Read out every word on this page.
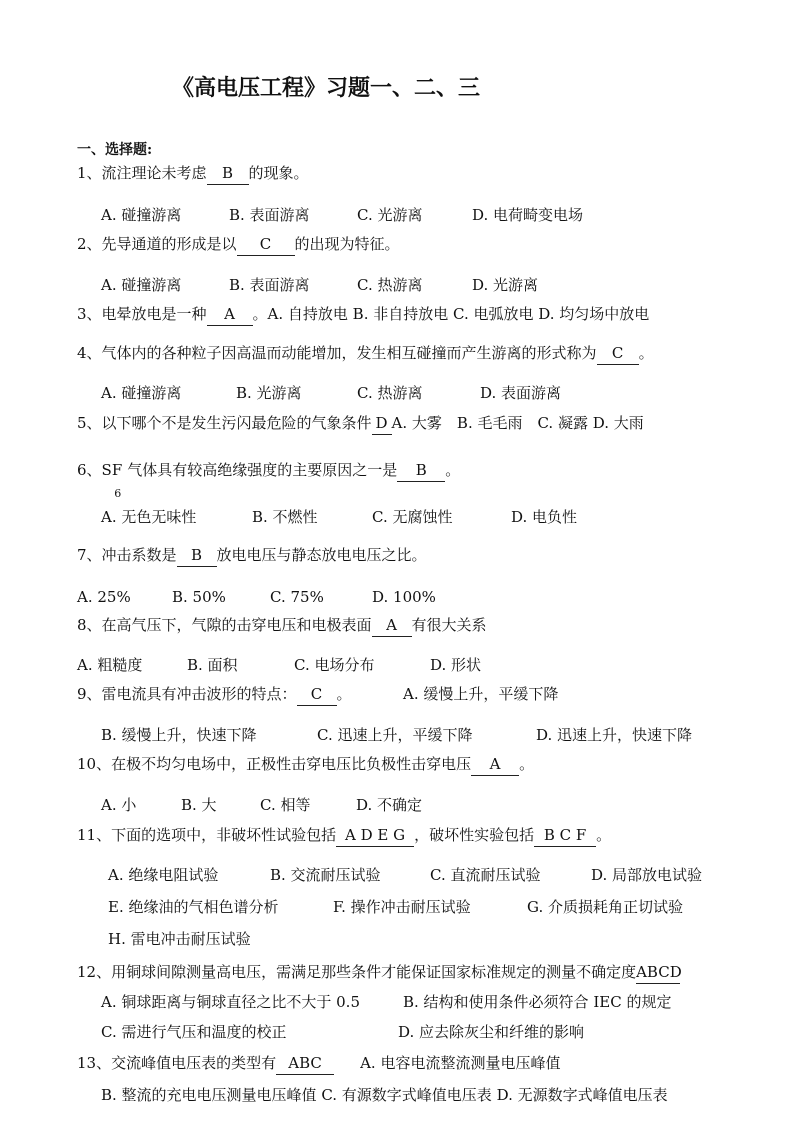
《高电压工程》习题一、二、三
一、选择题:
1、流注理论未考虑 B 的现象。
A. 碰撞游离	B. 表面游离	C. 光游离	D. 电荷畸变电场
2、先导通道的形成是以 C 的出现为特征。
A. 碰撞游离	B. 表面游离	C. 热游离	D. 光游离
3、电晕放电是一种 A 。A. 自持放电 B. 非自持放电 C. 电弧放电 D. 均匀场中放电
4、气体内的各种粒子因高温而动能增加，发生相互碰撞而产生游离的形式称为 C 。
A. 碰撞游离	B. 光游离	C. 热游离	D. 表面游离
5、以下哪个不是发生污闪最危险的气象条件 D A. 大雾　B. 毛毛雨　C. 凝露 D. 大雨
6、$SF_6$气体具有较高绝缘强度的主要原因之一是 B 。
A. 无色无味性	B. 不燃性	C. 无腐蚀性	D. 电负性
7、冲击系数是 B 放电电压与静态放电电压之比。
A. 25%	B. 50%	C. 75%	D. 100%
8、在高气压下，气隙的击穿电压和电极表面 A 有很大关系
A. 粗糙度	B. 面积	C. 电场分布	D. 形状
9、雷电流具有冲击波形的特点： C 。	A. 缓慢上升，平缓下降
B. 缓慢上升，快速下降	C. 迅速上升，平缓下降	D. 迅速上升，快速下降
10、在极不均匀电场中，正极性击穿电压比负极性击穿电压 A 。
A. 小	B. 大	C. 相等	D. 不确定
11、下面的选项中，非破坏性试验包括 A D E G ，破坏性实验包括 B C F 。
A. 绝缘电阻试验	B. 交流耐压试验	C. 直流耐压试验	D. 局部放电试验
E. 绝缘油的气相色谱分析	F. 操作冲击耐压试验	G. 介质损耗角正切试验
H. 雷电冲击耐压试验
12、用铜球间隙测量高电压，需满足那些条件才能保证国家标准规定的测量不确定度ABCD
A. 铜球距离与铜球直径之比不大于 0.5	B. 结构和使用条件必须符合 IEC 的规定
C. 需进行气压和温度的校正	D. 应去除灰尘和纤维的影响
13、交流峰值电压表的类型有 ABC	A. 电容电流整流测量电压峰值
B. 整流的充电电压测量电压峰值 C. 有源数字式峰值电压表 D. 无源数字式峰值电压表
